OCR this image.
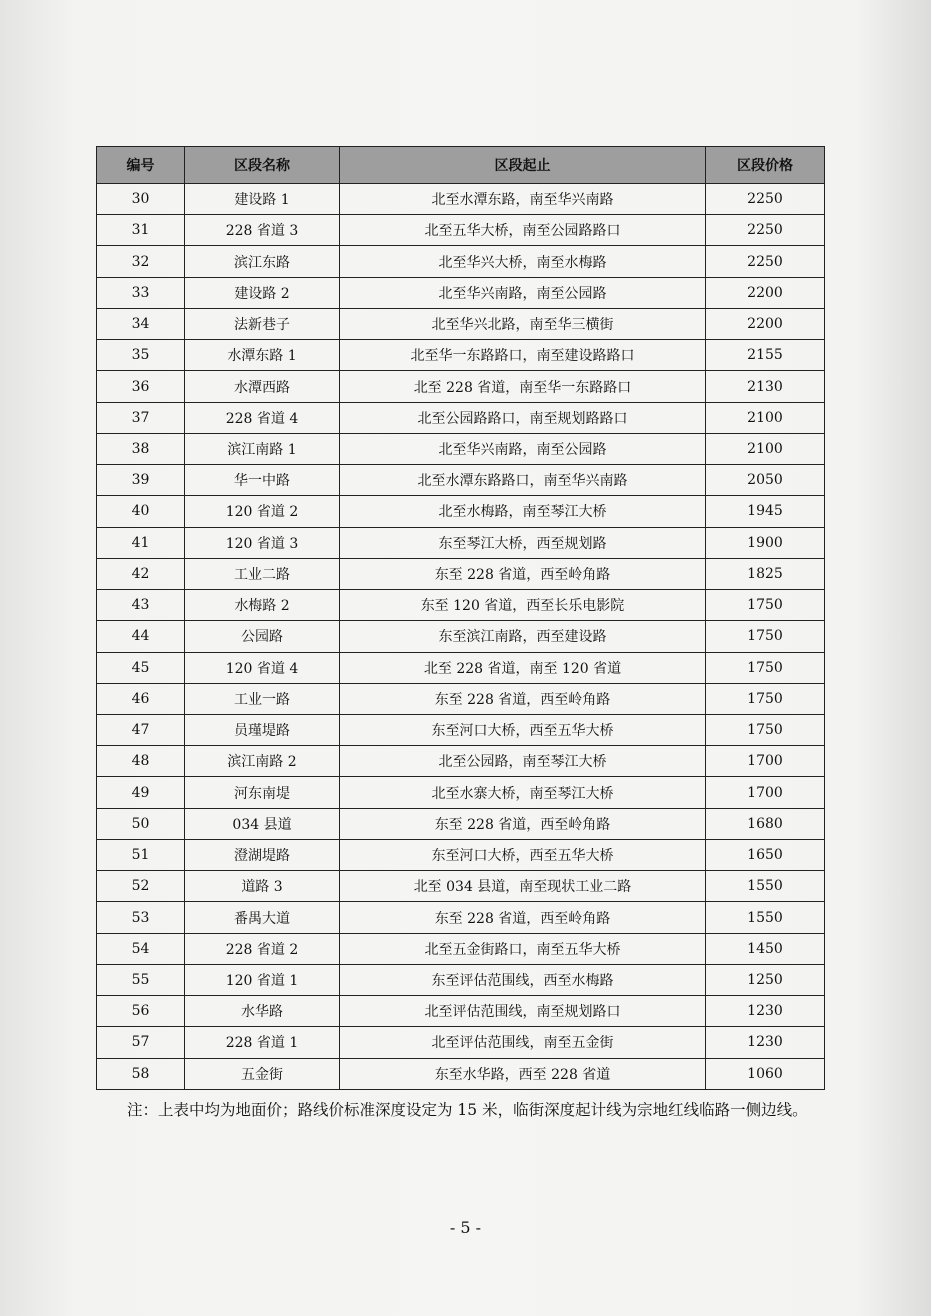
编号	区段名称	区段起止	区段价格
30	建设路 1	北至水潭东路，南至华兴南路	2250
31	228 省道 3	北至五华大桥，南至公园路路口	2250
32	滨江东路	北至华兴大桥，南至水梅路	2250
33	建设路 2	北至华兴南路，南至公园路	2200
34	法新巷子	北至华兴北路，南至华三横街	2200
35	水潭东路 1	北至华一东路路口，南至建设路路口	2155
36	水潭西路	北至 228 省道，南至华一东路路口	2130
37	228 省道 4	北至公园路路口，南至规划路路口	2100
38	滨江南路 1	北至华兴南路，南至公园路	2100
39	华一中路	北至水潭东路路口，南至华兴南路	2050
40	120 省道 2	北至水梅路，南至琴江大桥	1945
41	120 省道 3	东至琴江大桥，西至规划路	1900
42	工业二路	东至 228 省道，西至岭角路	1825
43	水梅路 2	东至 120 省道，西至长乐电影院	1750
44	公园路	东至滨江南路，西至建设路	1750
45	120 省道 4	北至 228 省道，南至 120 省道	1750
46	工业一路	东至 228 省道，西至岭角路	1750
47	员瑾堤路	东至河口大桥，西至五华大桥	1750
48	滨江南路 2	北至公园路，南至琴江大桥	1700
49	河东南堤	北至水寨大桥，南至琴江大桥	1700
50	034 县道	东至 228 省道，西至岭角路	1680
51	澄湖堤路	东至河口大桥，西至五华大桥	1650
52	道路 3	北至 034 县道，南至现状工业二路	1550
53	番禺大道	东至 228 省道，西至岭角路	1550
54	228 省道 2	北至五金街路口，南至五华大桥	1450
55	120 省道 1	东至评估范围线，西至水梅路	1250
56	水华路	北至评估范围线，南至规划路口	1230
57	228 省道 1	北至评估范围线，南至五金街	1230
58	五金街	东至水华路，西至 228 省道	1060

注：上表中均为地面价；路线价标准深度设定为 15 米，临街深度起计线为宗地红线临路一侧边线。

- 5 -
